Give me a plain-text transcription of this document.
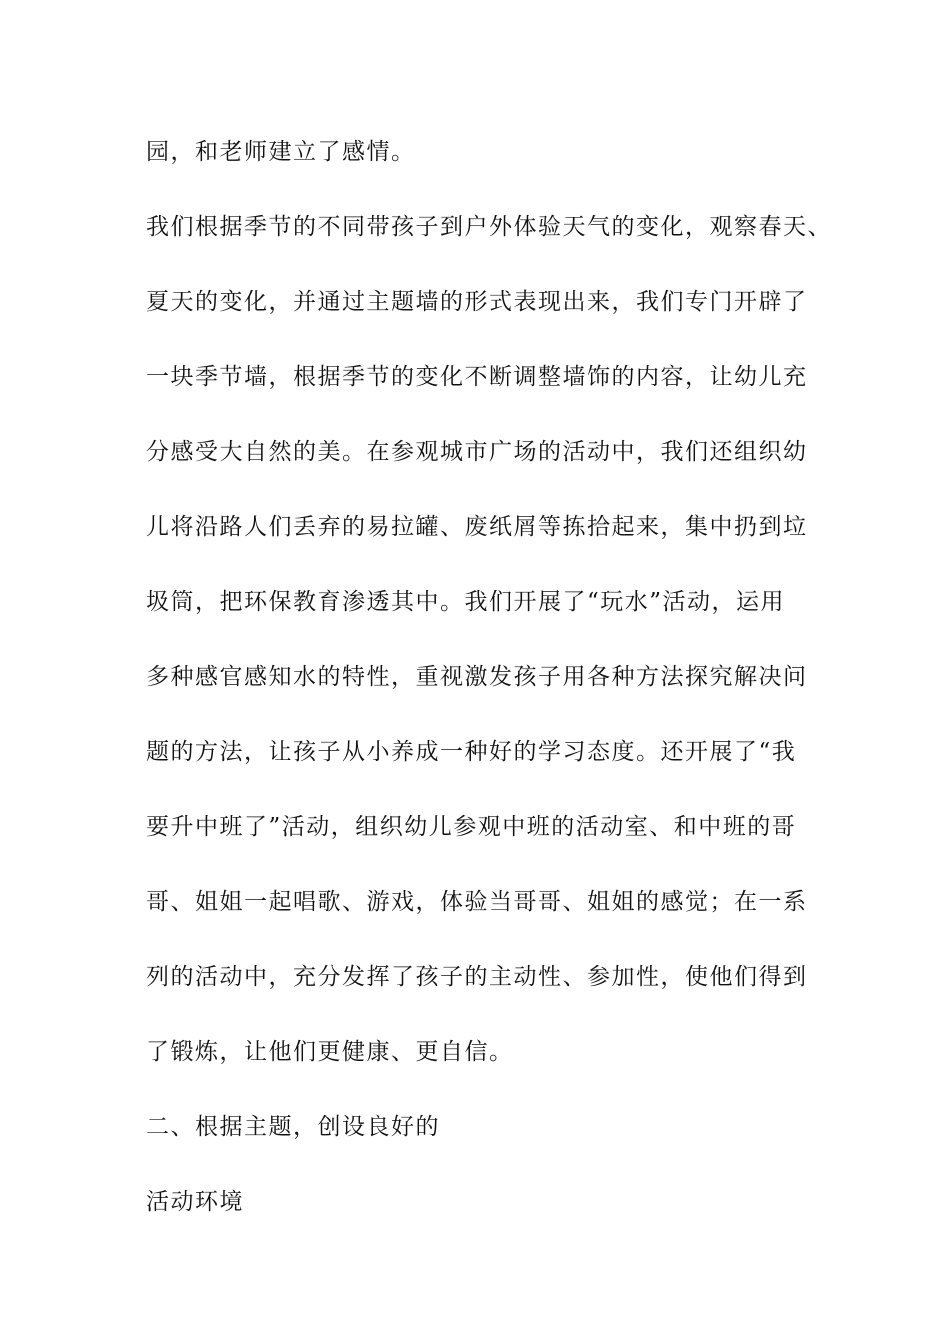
园，和老师建立了感情。
我们根据季节的不同带孩子到户外体验天气的变化，观察春天、
夏天的变化，并通过主题墙的形式表现出来，我们专门开辟了
一块季节墙，根据季节的变化不断调整墙饰的内容，让幼儿充
分感受大自然的美。在参观城市广场的活动中，我们还组织幼
儿将沿路人们丢弃的易拉罐、废纸屑等拣拾起来，集中扔到垃
圾筒，把环保教育渗透其中。我们开展了“玩水”活动，运用
多种感官感知水的特性，重视激发孩子用各种方法探究解决问
题的方法，让孩子从小养成一种好的学习态度。还开展了“我
要升中班了”活动，组织幼儿参观中班的活动室、和中班的哥
哥、姐姐一起唱歌、游戏，体验当哥哥、姐姐的感觉；在一系
列的活动中，充分发挥了孩子的主动性、参加性，使他们得到
了锻炼，让他们更健康、更自信。
二、根据主题，创设良好的
活动环境
